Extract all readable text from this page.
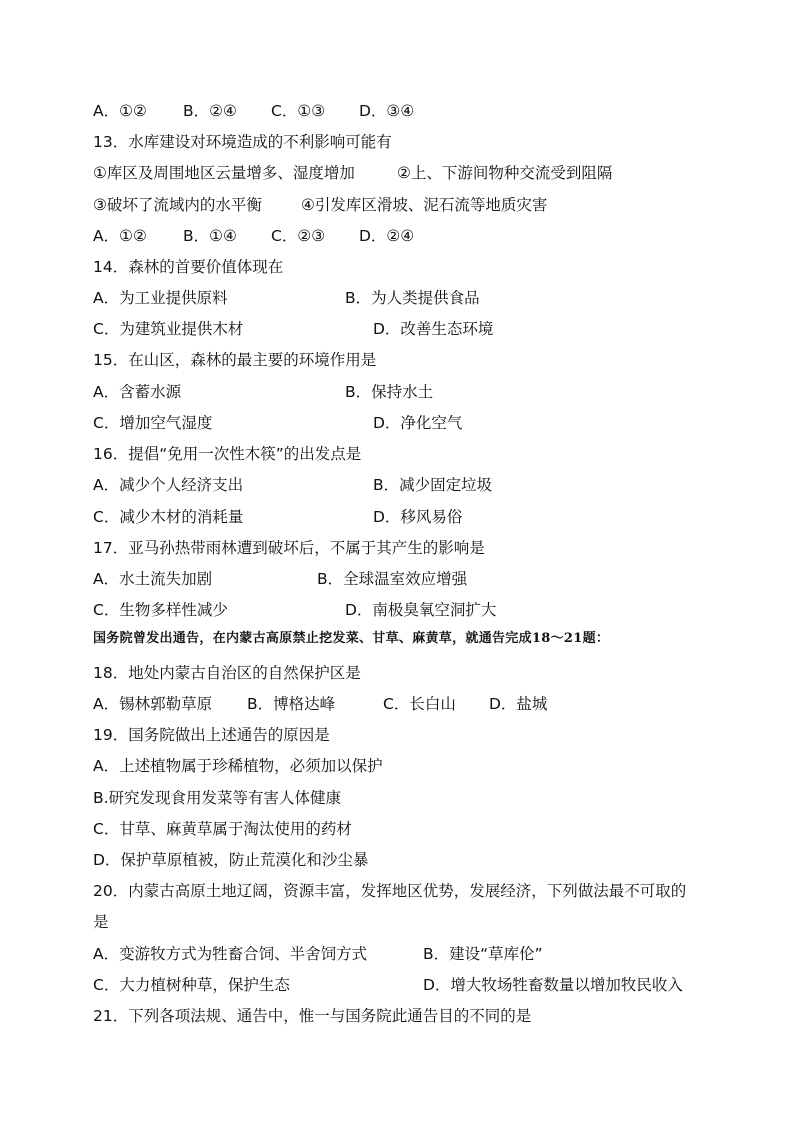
A．①② B．②④ C．①③ D．③④
13．水库建设对环境造成的不利影响可能有
①库区及周围地区云量增多、湿度增加	②上、下游间物种交流受到阻隔
③破坏了流域内的水平衡	④引发库区滑坡、泥石流等地质灾害
A．①② B．①④ C．②③ D．②④
14．森林的首要价值体现在
A．为工业提供原料	B．为人类提供食品
C．为建筑业提供木材	D．改善生态环境
15．在山区，森林的最主要的环境作用是
A．含蓄水源	B．保持水土
C．增加空气湿度	D．净化空气
16．提倡“免用一次性木筷”的出发点是
A．减少个人经济支出	B．减少固定垃圾
C．减少木材的消耗量	D．移风易俗
17．亚马孙热带雨林遭到破坏后，不属于其产生的影响是
A．水土流失加剧	B．全球温室效应增强
C．生物多样性减少	D．南极臭氧空洞扩大
国务院曾发出通告，在内蒙古高原禁止挖发菜、甘草、麻黄草，就通告完成18～21题：
18．地处内蒙古自治区的自然保护区是
A．锡林郭勒草原 B．博格达峰	C．长白山 D．盐城
19．国务院做出上述通告的原因是
A．上述植物属于珍稀植物，必须加以保护
B.研究发现食用发菜等有害人体健康
C．甘草、麻黄草属于淘汰使用的药材
D．保护草原植被，防止荒漠化和沙尘暴
20．内蒙古高原土地辽阔，资源丰富，发挥地区优势，发展经济，下列做法最不可取的
是
A．变游牧方式为牲畜合饲、半舍饲方式	B．建设“草库伦”
C．大力植树种草，保护生态	D．增大牧场牲畜数量以增加牧民收入
21．下列各项法规、通告中，惟一与国务院此通告目的不同的是
